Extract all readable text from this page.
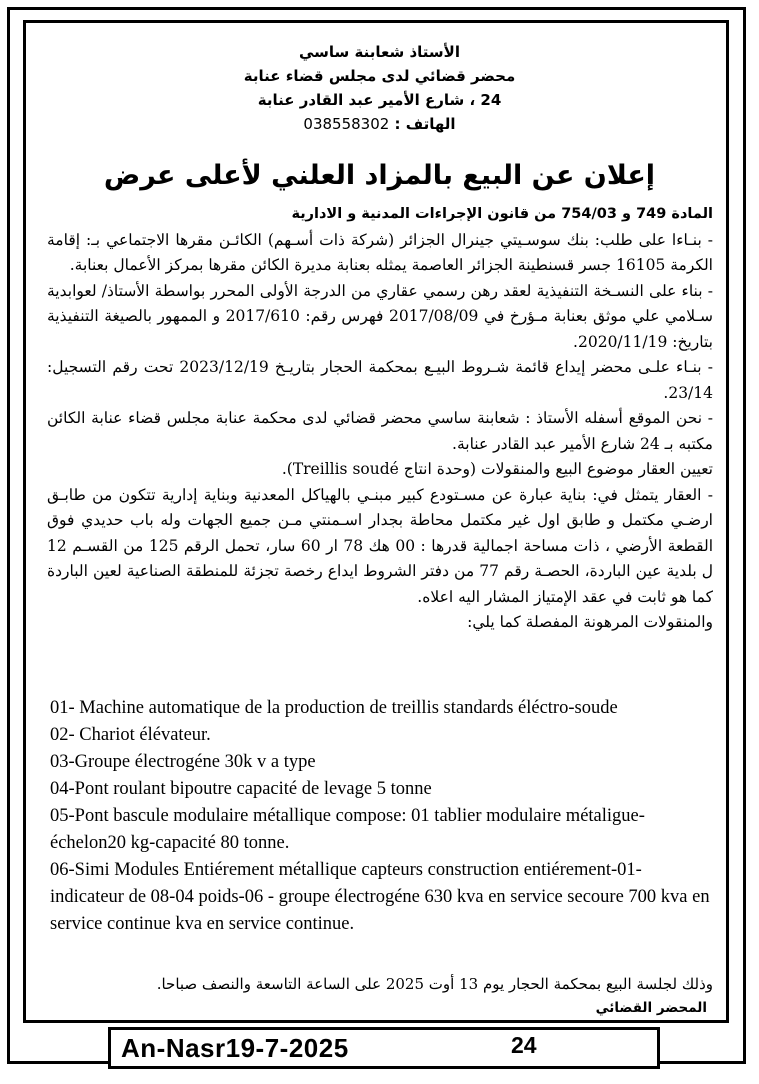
الأستاذ شعابنة ساسي
محضر قضائي لدى مجلس قضاء عنابة
24 ، شارع الأمير عبد القادر عنابة
الهاتف : 038558302
إعلان عن البيع بالمزاد العلني لأعلى عرض

المادة 749 و 754/03 من قانون الإجراءات المدنية و الادارية

- بنـاءا على طلب: بنك سوسـيتي جينرال الجزائر (شركة ذات أسـهم) الكائـن مقرها الاجتماعي بـ: إقامة الكرمة 16105 جسر قسنطينة الجزائر العاصمة يمثله بعنابة مديرة الكائن مقرها بمركز الأعمال بعنابة.

- بناء على النسـخة التنفيذية لعقد رهن رسمي عقاري من الدرجة الأولى المحرر بواسطة الأستاذ/ لعوابدية سـلامي علي موثق بعنابة مـؤرخ في 2017/08/09 فهرس رقم: 2017/610 و الممهور بالصيغة التنفيذية بتاريخ: 2020/11/19.

- بنـاء علـى محضر إيداع قائمة شـروط البيـع بمحكمة الحجار بتاريـخ 2023/12/19 تحت رقم التسجيل: 23/14.

- نحن الموقع أسفله الأستاذ : شعابنة ساسي محضر قضائي لدى محكمة عنابة مجلس قضاء عنابة الكائن مكتبه بـ 24 شارع الأمير عبد القادر عنابة.

تعيين العقار موضوع البيع والمنقولات (وحدة انتاج Treillis soudé).

- العقار يتمثل في: بناية عبارة عن مسـتودع كبير مبنـي بالهياكل المعدنية وبناية إدارية تتكون من طابـق ارضـي مكتمل و طابق اول غير مكتمل محاطة بجدار اسـمنتي مـن جميع الجهات وله باب حديدي فوق القطعة الأرضي ، ذات مساحة اجمالية قدرها : 00 هك 78 ار 60 سار، تحمل الرقم 125 من القسـم 12 ل بلدية عين الباردة، الحصـة رقم 77 من دفتر الشروط ايداع رخصة تجزئة للمنطقة الصناعية لعين الباردة كما هو ثابت في عقد الإمتياز المشار اليه اعلاه.

والمنقولات المرهونة المفصلة كما يلي:

01- Machine automatique de la production de treillis standards éléctro-soude

02- Chariot élévateur.

03-Groupe électrogéne 30k v a type

04-Pont roulant bipoutre capacité de levage 5 tonne

05-Pont bascule modulaire métallique compose: 01 tablier modulaire métaligue-échelon20 kg-capacité 80 tonne.

06-Simi Modules Entiérement métallique capteurs construction entiérement-01- indicateur de 08-04 poids-06 - groupe électrogéne 630 kva en service secoure 700 kva en service continue kva en service continue.

وذلك لجلسة البيع بمحكمة الحجار يوم 13 أوت 2025 على الساعة التاسعة والنصف صباحا.
المحضر القضائي
An-Nasr19-7-2025	24
